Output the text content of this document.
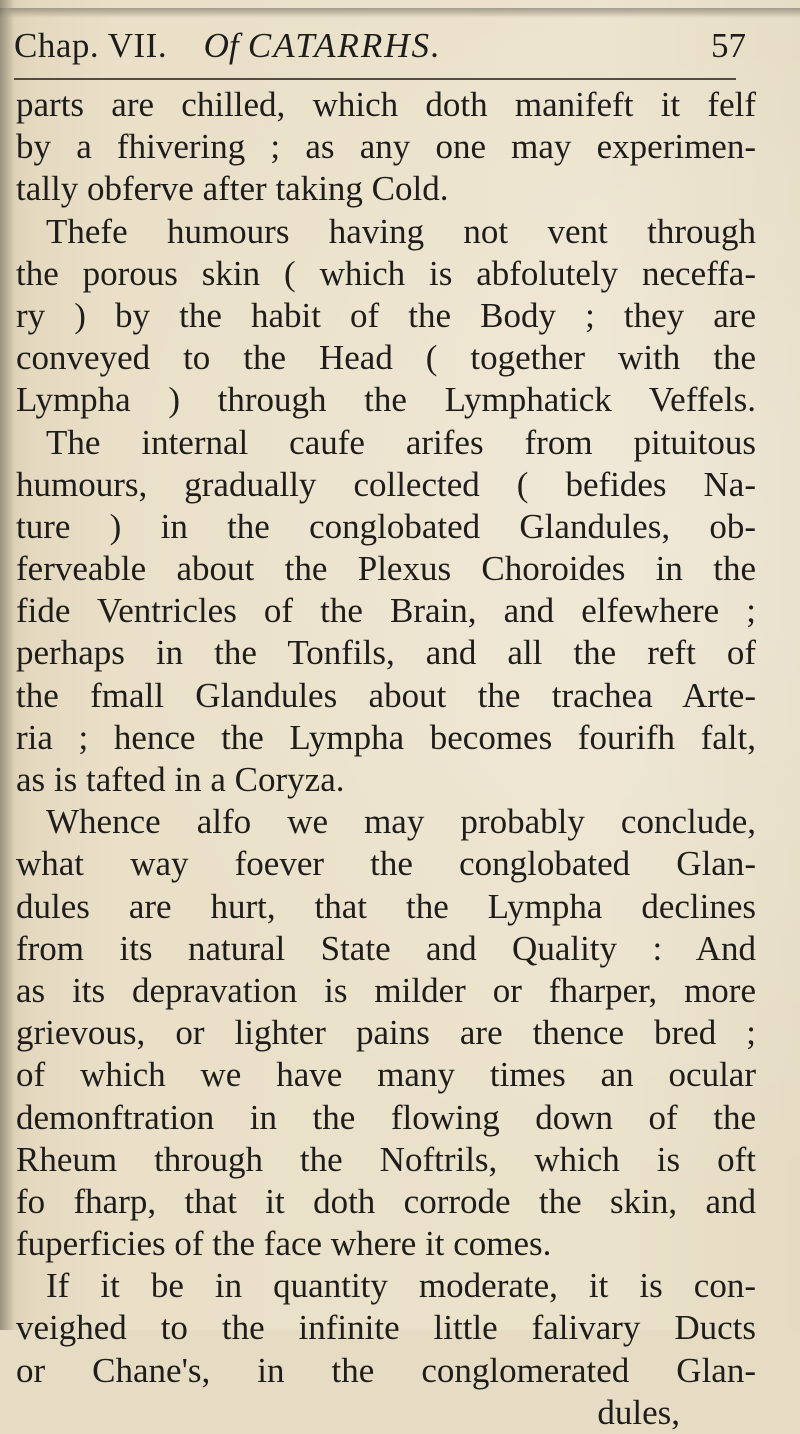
Chap. VII. Of CATARRHS.	57
parts are chilled, which doth manifeft it felf
by a fhivering ; as any one may experimen-
tally obferve after taking Cold.
Thefe humours having not vent through
the porous skin ( which is abfolutely neceffa-
ry ) by the habit of the Body ; they are
conveyed to the Head ( together with the
Lympha ) through the Lymphatick Veffels.
The internal caufe arifes from pituitous
humours, gradually collected ( befides Na-
ture ) in the conglobated Glandules, ob-
ferveable about the Plexus Choroides in the
fide Ventricles of the Brain, and elfewhere ;
perhaps in the Tonfils, and all the reft of
the fmall Glandules about the trachea Arte-
ria ; hence the Lympha becomes fourifh falt,
as is tafted in a Coryza.
Whence alfo we may probably conclude,
what way foever the conglobated Glan-
dules are hurt, that the Lympha declines
from its natural State and Quality : And
as its depravation is milder or fharper, more
grievous, or lighter pains are thence bred ;
of which we have many times an ocular
demonftration in the flowing down of the
Rheum through the Noftrils, which is oft
fo fharp, that it doth corrode the skin, and
fuperficies of the face where it comes.
If it be in quantity moderate, it is con-
veighed to the infinite little falivary Ducts
or Chane's, in the conglomerated Glan-
dules,
